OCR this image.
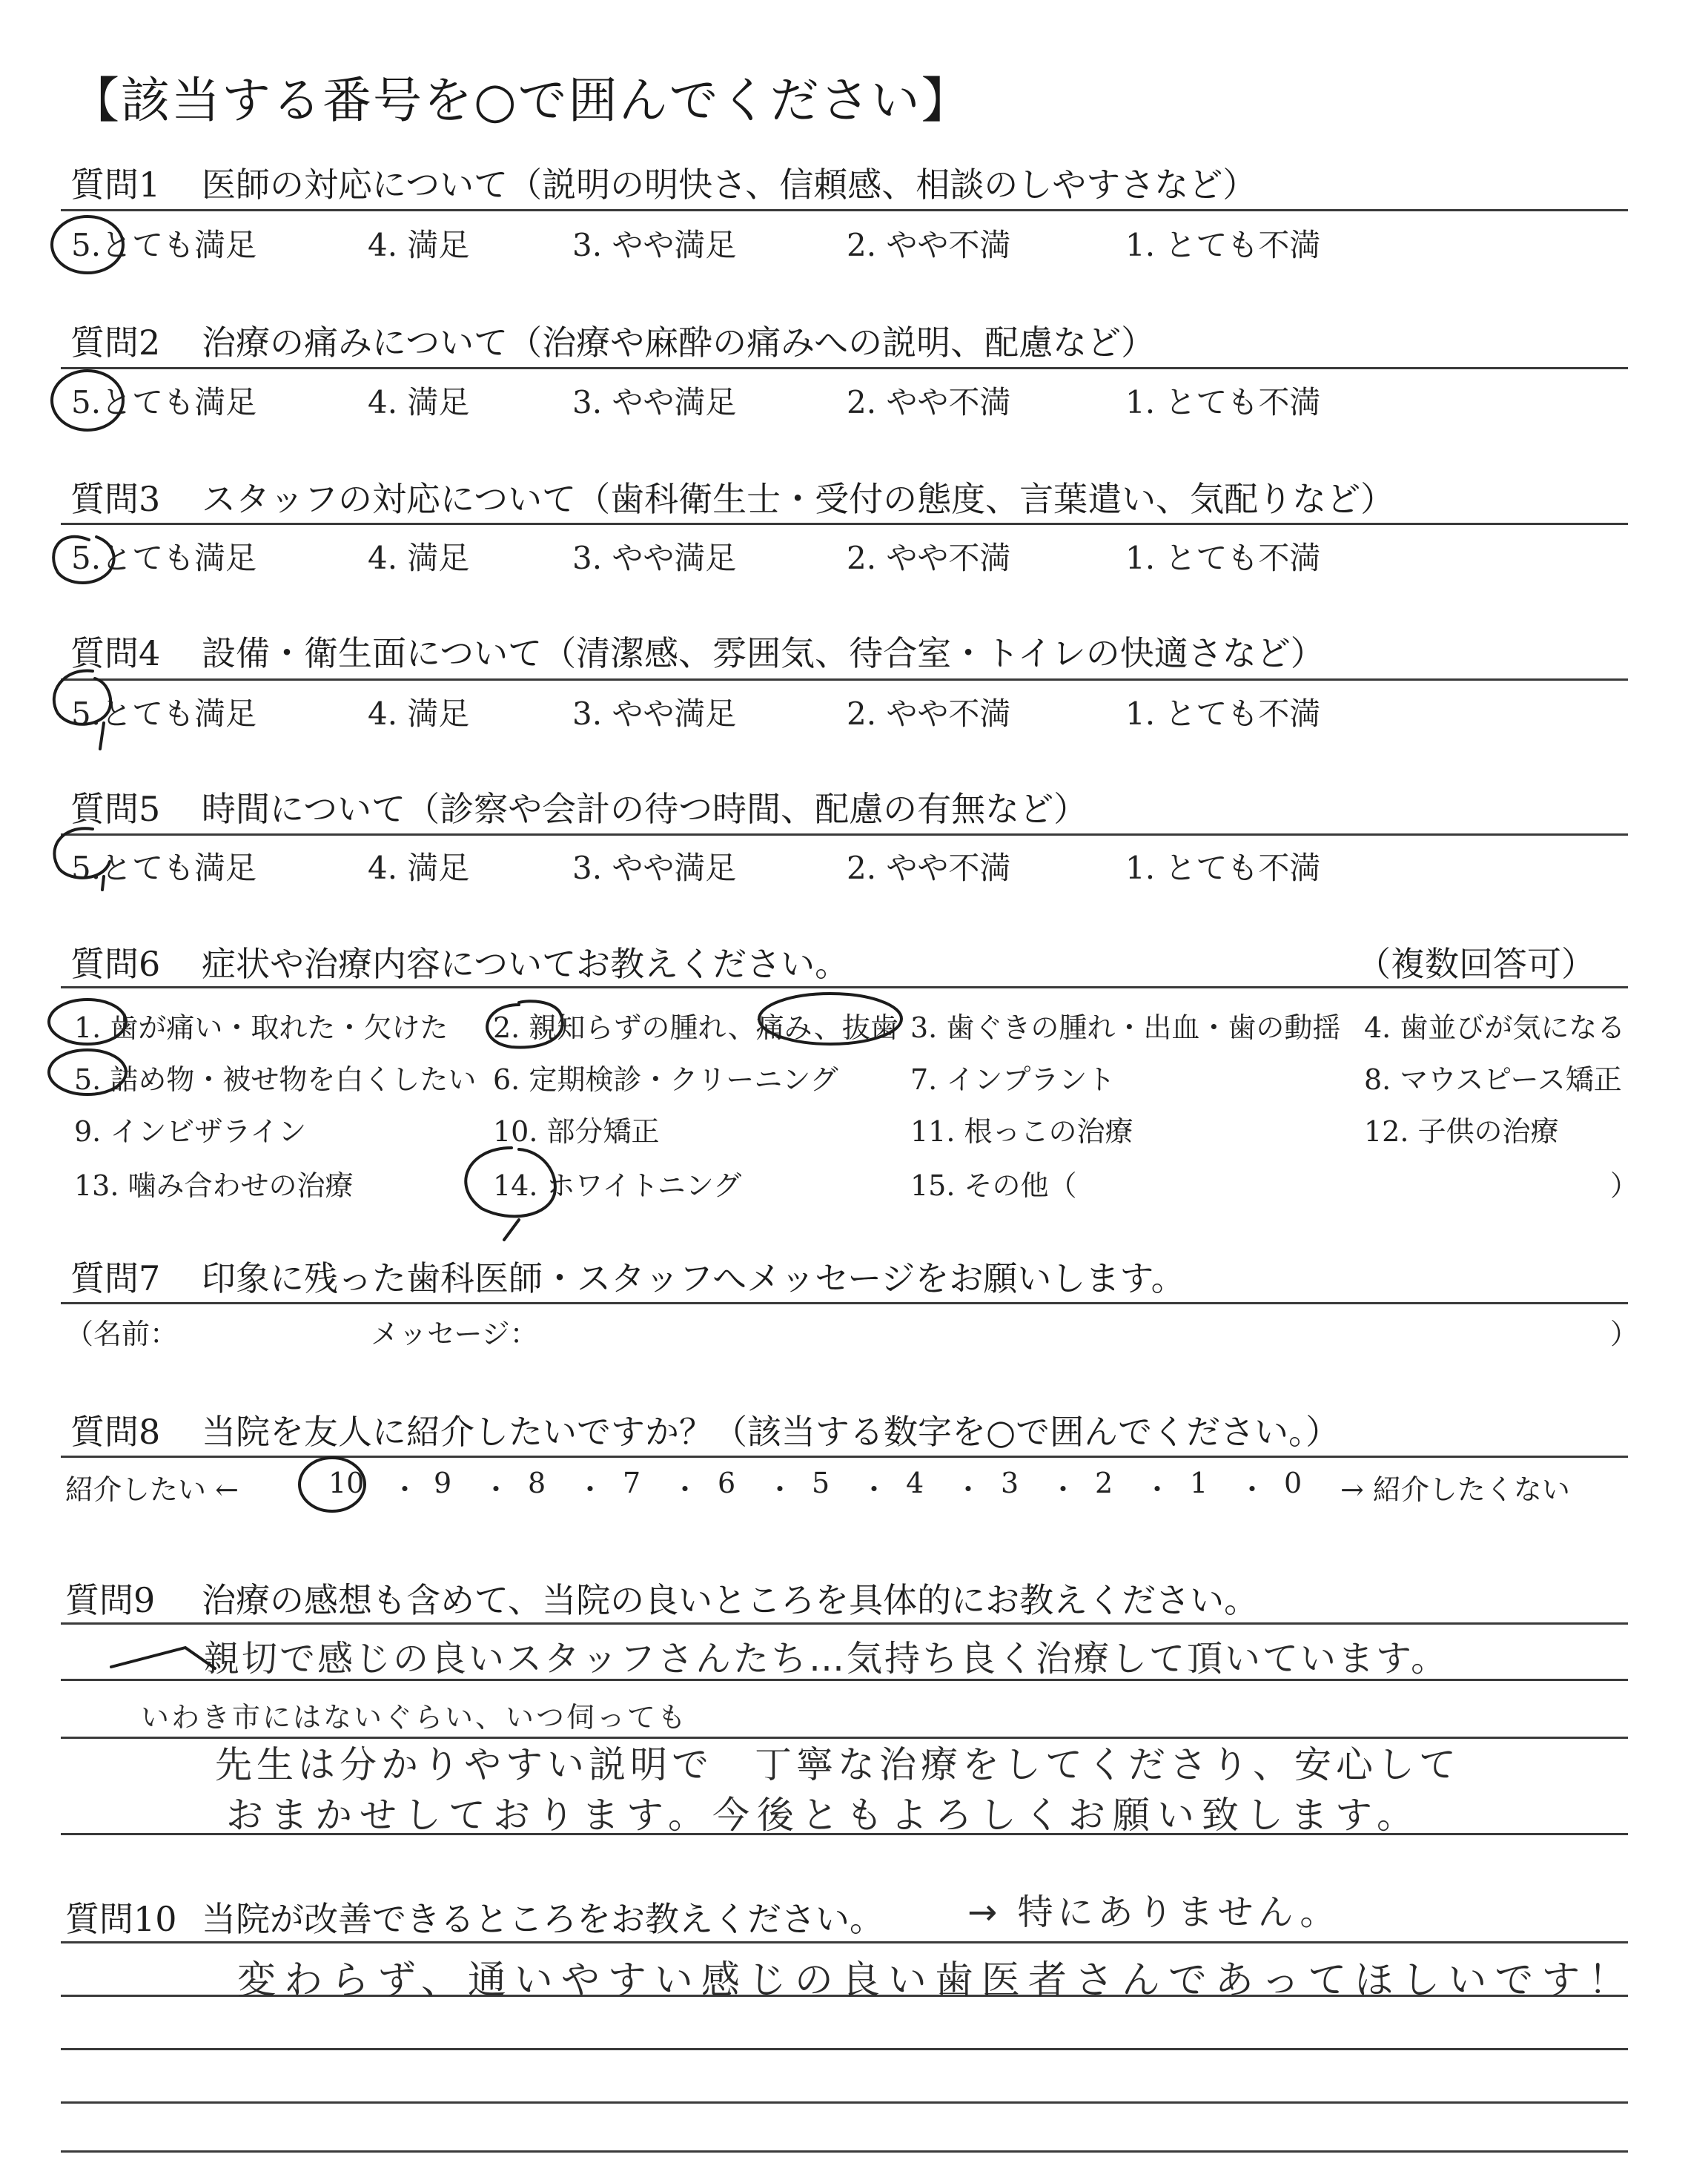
【該当する番号を○で囲んでください】
質問1 医師の対応について（説明の明快さ、信頼感、相談のしやすさなど）
5.とても満足	4. 満足	3. やや満足	2. やや不満	1. とても不満
質問2 治療の痛みについて（治療や麻酔の痛みへの説明、配慮など）
5.とても満足	4. 満足	3. やや満足	2. やや不満	1. とても不満
質問3 スタッフの対応について（歯科衛生士・受付の態度、言葉遣い、気配りなど）
5.とても満足	4. 満足	3. やや満足	2. やや不満	1. とても不満
質問4 設備・衛生面について（清潔感、雰囲気、待合室・トイレの快適さなど）
5.とても満足	4. 満足	3. やや満足	2. やや不満	1. とても不満
質問5 時間について（診察や会計の待つ時間、配慮の有無など）
5.とても満足	4. 満足	3. やや満足	2. やや不満	1. とても不満
質問6 症状や治療内容についてお教えください。	（複数回答可）
1. 歯が痛い・取れた・欠けた 2. 親知らずの腫れ、痛み、抜歯 3. 歯ぐきの腫れ・出血・歯の動揺 4. 歯並びが気になる
5. 詰め物・被せ物を白くしたい 6. 定期検診・クリーニング	7. インプラント	8. マウスピース矯正
9. インビザライン	10. 部分矯正	11. 根っこの治療	12. 子供の治療
13. 噛み合わせの治療	14. ホワイトニング	15. その他（	）
質問7 印象に残った歯科医師・スタッフへメッセージをお願いします。
（名前：	メッセージ：	）
質問8 当院を友人に紹介したいですか？（該当する数字を○で囲んでください。）
紹介したい ←	10 ・ 9 ・ 8 ・ 7 ・ 6 ・ 5 ・ 4 ・ 3 ・ 2 ・ 1 ・ 0 → 紹介したくない
質問9 治療の感想も含めて、当院の良いところを具体的にお教えください。
親切で感じの良いスタッフさんたち…気持ち良く治療して頂いています。
いわき市にはないぐらい、いつ伺っても
先生は分かりやすい説明で　丁寧な治療をしてくださり、安心して
おまかせしております。今後ともよろしくお願い致します。
質問10 当院が改善できるところをお教えください。 → 特にありません。
変わらず、通いやすい感じの良い歯医者さんであってほしいです！
